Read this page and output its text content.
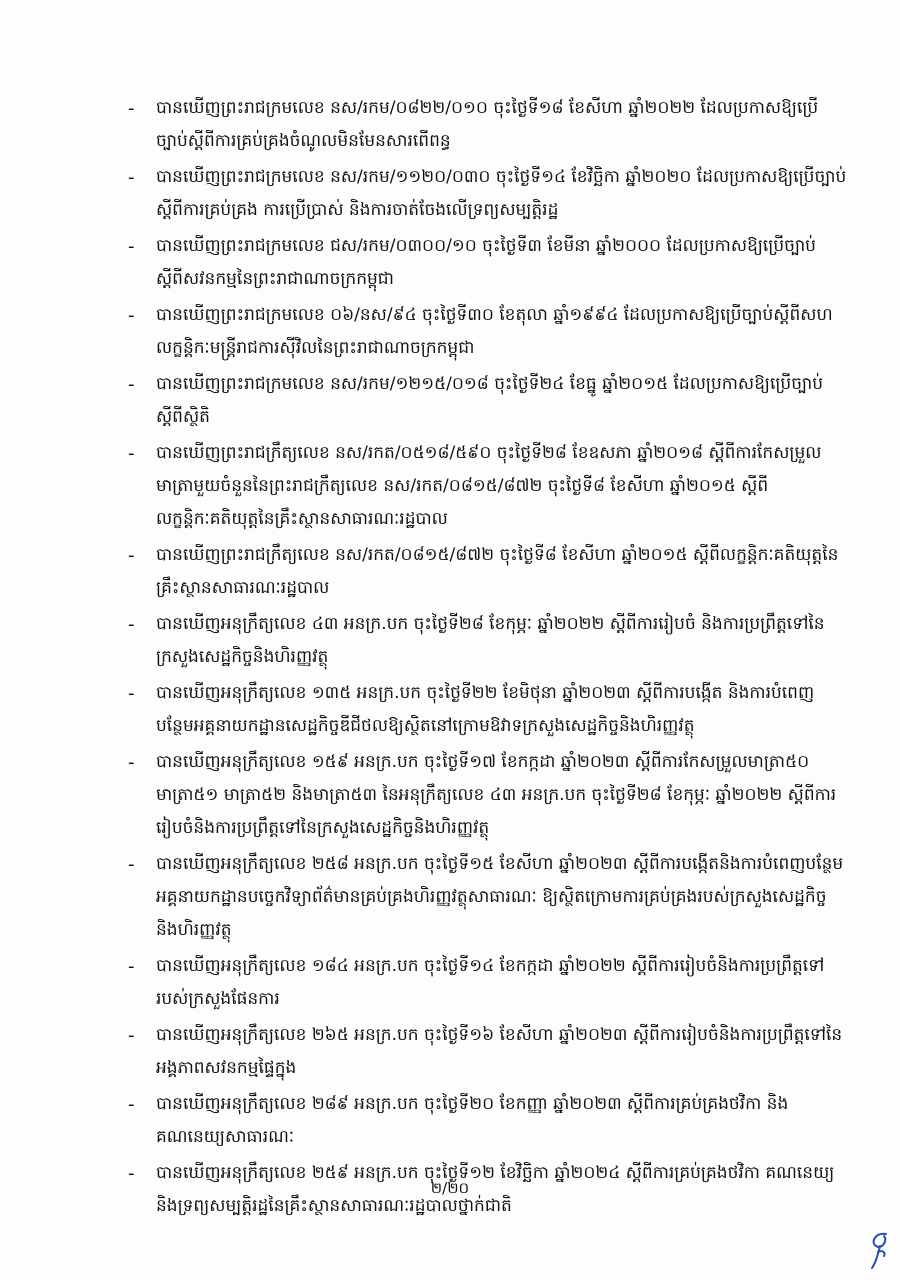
-	បានឃើញព្រះរាជក្រមលេខ នស/រកម/០៨២២/០១០ ចុះថ្ងៃទី១៨ ខែសីហា ឆ្នាំ២០២២ ដែលប្រកាសឱ្យប្រើច្បាប់ស្ដីពីការគ្រប់គ្រងចំណូលមិនមែនសារពើពន្ធ
-	បានឃើញព្រះរាជក្រមលេខ នស/រកម/១១២០/០៣០ ចុះថ្ងៃទី១៤ ខែវិច្ឆិកា ឆ្នាំ២០២០ ដែលប្រកាសឱ្យប្រើច្បាប់ស្ដីពីការគ្រប់គ្រង ការប្រើប្រាស់ និងការចាត់ចែងលើទ្រព្យសម្បត្តិរដ្ឋ
-	បានឃើញព្រះរាជក្រមលេខ ជស/រកម/០៣០០/១០ ចុះថ្ងៃទី៣ ខែមីនា ឆ្នាំ២០០០ ដែលប្រកាសឱ្យប្រើច្បាប់ស្ដីពីសវនកម្មនៃព្រះរាជាណាចក្រកម្ពុជា
-	បានឃើញព្រះរាជក្រមលេខ ០៦/នស/៩៤ ចុះថ្ងៃទី៣០ ខែតុលា ឆ្នាំ១៩៩៤ ដែលប្រកាសឱ្យប្រើច្បាប់ស្ដីពីសហលក្ខន្តិកៈមន្ត្រីរាជការស៊ីវិលនៃព្រះរាជាណាចក្រកម្ពុជា
-	បានឃើញព្រះរាជក្រមលេខ នស/រកម/១២១៥/០១៨ ចុះថ្ងៃទី២៤ ខែធ្នូ ឆ្នាំ២០១៥ ដែលប្រកាសឱ្យប្រើច្បាប់ស្ដីពីស្ថិតិ
-	បានឃើញព្រះរាជក្រឹត្យលេខ នស/រកត/០៥១៨/៥៩០ ចុះថ្ងៃទី២៨ ខែឧសភា ឆ្នាំ២០១៨ ស្ដីពីការកែសម្រួលមាត្រាមួយចំនួននៃព្រះរាជក្រឹត្យលេខ នស/រកត/០៨១៥/៨៧២ ចុះថ្ងៃទី៨ ខែសីហា ឆ្នាំ២០១៥ ស្ដីពីលក្ខន្តិកៈគតិយុត្តនៃគ្រឹះស្ថានសាធារណៈរដ្ឋបាល
-	បានឃើញព្រះរាជក្រឹត្យលេខ នស/រកត/០៨១៥/៨៧២ ចុះថ្ងៃទី៨ ខែសីហា ឆ្នាំ២០១៥ ស្ដីពីលក្ខន្តិកៈគតិយុត្តនៃគ្រឹះស្ថានសាធារណៈរដ្ឋបាល
-	បានឃើញអនុក្រឹត្យលេខ ៤៣ អនក្រ.បក ចុះថ្ងៃទី២៨ ខែកុម្ភៈ ឆ្នាំ២០២២ ស្ដីពីការរៀបចំ និងការប្រព្រឹត្តទៅនៃក្រសួងសេដ្ឋកិច្ចនិងហិរញ្ញវត្ថុ
-	បានឃើញអនុក្រឹត្យលេខ ១៣៥ អនក្រ.បក ចុះថ្ងៃទី២២ ខែមិថុនា ឆ្នាំ២០២៣ ស្ដីពីការបង្កើត និងការបំពេញបន្ថែមអគ្គនាយកដ្ឋានសេដ្ឋកិច្ចឌីជីថលឱ្យស្ថិតនៅក្រោមឱវាទក្រសួងសេដ្ឋកិច្ចនិងហិរញ្ញវត្ថុ
-	បានឃើញអនុក្រឹត្យលេខ ១៥៩ អនក្រ.បក ចុះថ្ងៃទី១៧ ខែកក្កដា ឆ្នាំ២០២៣ ស្ដីពីការកែសម្រួលមាត្រា៥០ មាត្រា៥១ មាត្រា៥២ និងមាត្រា៥៣ នៃអនុក្រឹត្យលេខ ៤៣ អនក្រ.បក ចុះថ្ងៃទី២៨ ខែកុម្ភៈ ឆ្នាំ២០២២ ស្ដីពីការរៀបចំនិងការប្រព្រឹត្តទៅនៃក្រសួងសេដ្ឋកិច្ចនិងហិរញ្ញវត្ថុ
-	បានឃើញអនុក្រឹត្យលេខ ២៥៨ អនក្រ.បក ចុះថ្ងៃទី១៥ ខែសីហា ឆ្នាំ២០២៣ ស្ដីពីការបង្កើតនិងការបំពេញបន្ថែមអគ្គនាយកដ្ឋានបច្ចេកវិទ្យាព័ត៌មានគ្រប់គ្រងហិរញ្ញវត្ថុសាធារណៈ ឱ្យស្ថិតក្រោមការគ្រប់គ្រងរបស់ក្រសួងសេដ្ឋកិច្ចនិងហិរញ្ញវត្ថុ
-	បានឃើញអនុក្រឹត្យលេខ ១៨៤ អនក្រ.បក ចុះថ្ងៃទី១៤ ខែកក្កដា ឆ្នាំ២០២២ ស្ដីពីការរៀបចំនិងការប្រព្រឹត្តទៅរបស់ក្រសួងផែនការ
-	បានឃើញអនុក្រឹត្យលេខ ២៦៥ អនក្រ.បក ចុះថ្ងៃទី១៦ ខែសីហា ឆ្នាំ២០២៣ ស្ដីពីការរៀបចំនិងការប្រព្រឹត្តទៅនៃអង្គភាពសវនកម្មផ្ទៃក្នុង
-	បានឃើញអនុក្រឹត្យលេខ ២៨៩ អនក្រ.បក ចុះថ្ងៃទី២០ ខែកញ្ញា ឆ្នាំ២០២៣ ស្ដីពីការគ្រប់គ្រងថវិកា និងគណនេយ្យសាធារណៈ
-	បានឃើញអនុក្រឹត្យលេខ ២៥៩ អនក្រ.បក ចុះថ្ងៃទី១២ ខែវិច្ឆិកា ឆ្នាំ២០២៤ ស្ដីពីការគ្រប់គ្រងថវិកា គណនេយ្យ និងទ្រព្យសម្បត្តិរដ្ឋនៃគ្រឹះស្ថានសាធារណៈរដ្ឋបាលថ្នាក់ជាតិ
២/២០
